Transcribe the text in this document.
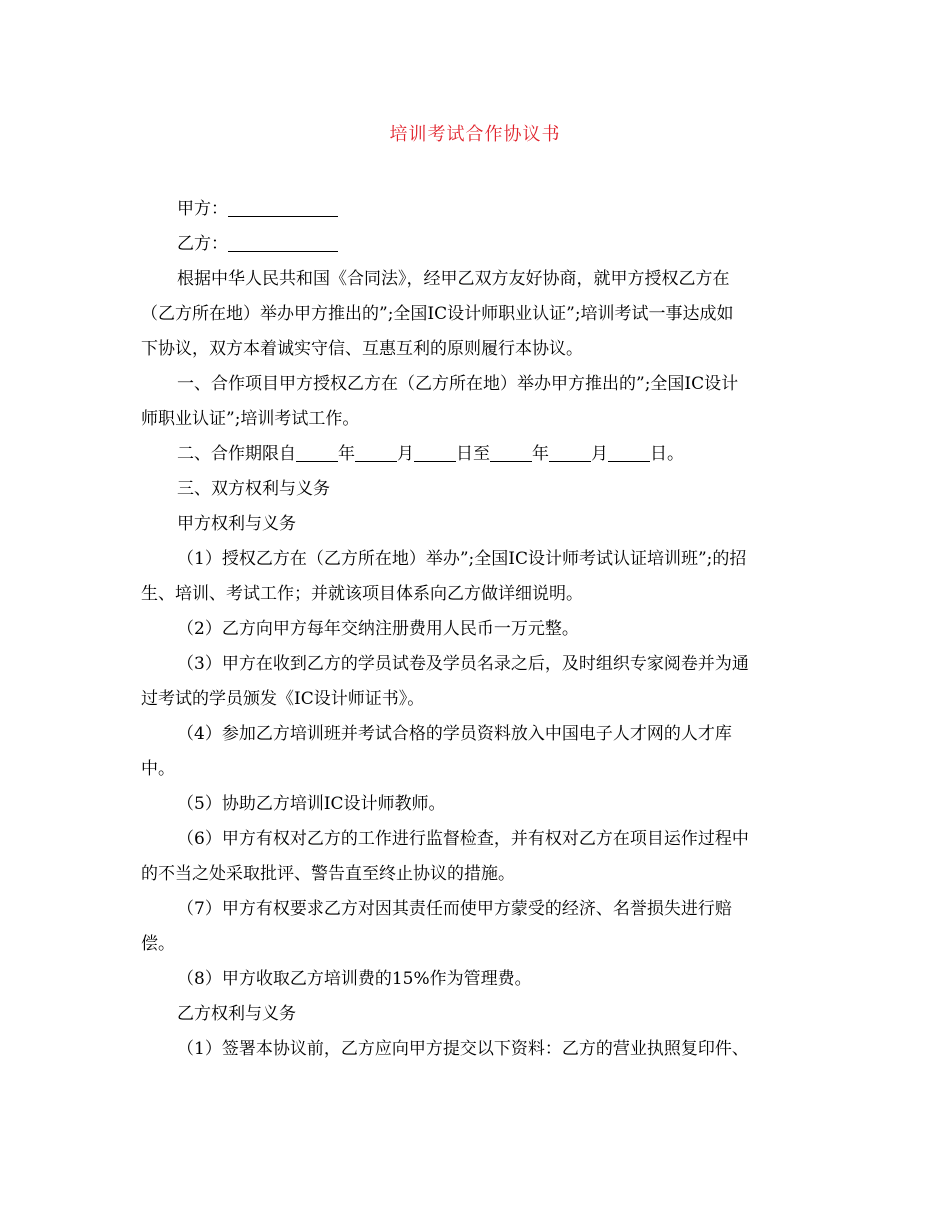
培训考试合作协议书

甲方：

乙方：

根据中华人民共和国《合同法》，经甲乙双方友好协商，就甲方授权乙方在
（乙方所在地）举办甲方推出的”;全国IC设计师职业认证”;培训考试一事达成如
下协议，双方本着诚实守信、互惠互利的原则履行本协议。
一、合作项目甲方授权乙方在（乙方所在地）举办甲方推出的”;全国IC设计
师职业认证”;培训考试工作。

二、合作期限自 年 月 日至 年 月 日。

三、双方权利与义务

甲方权利与义务

（1）授权乙方在（乙方所在地）举办”;全国IC设计师考试认证培训班”;的招
生、培训、考试工作；并就该项目体系向乙方做详细说明。

（2）乙方向甲方每年交纳注册费用人民币一万元整。

（3）甲方在收到乙方的学员试卷及学员名录之后，及时组织专家阅卷并为通
过考试的学员颁发《IC设计师证书》。
（4）参加乙方培训班并考试合格的学员资料放入中国电子人才网的人才库
中。

（5）协助乙方培训IC设计师教师。

（6）甲方有权对乙方的工作进行监督检查，并有权对乙方在项目运作过程中
的不当之处采取批评、警告直至终止协议的措施。
（7）甲方有权要求乙方对因其责任而使甲方蒙受的经济、名誉损失进行赔
偿。

（8）甲方收取乙方培训费的15%作为管理费。

乙方权利与义务

（1）签署本协议前，乙方应向甲方提交以下资料：乙方的营业执照复印件、
